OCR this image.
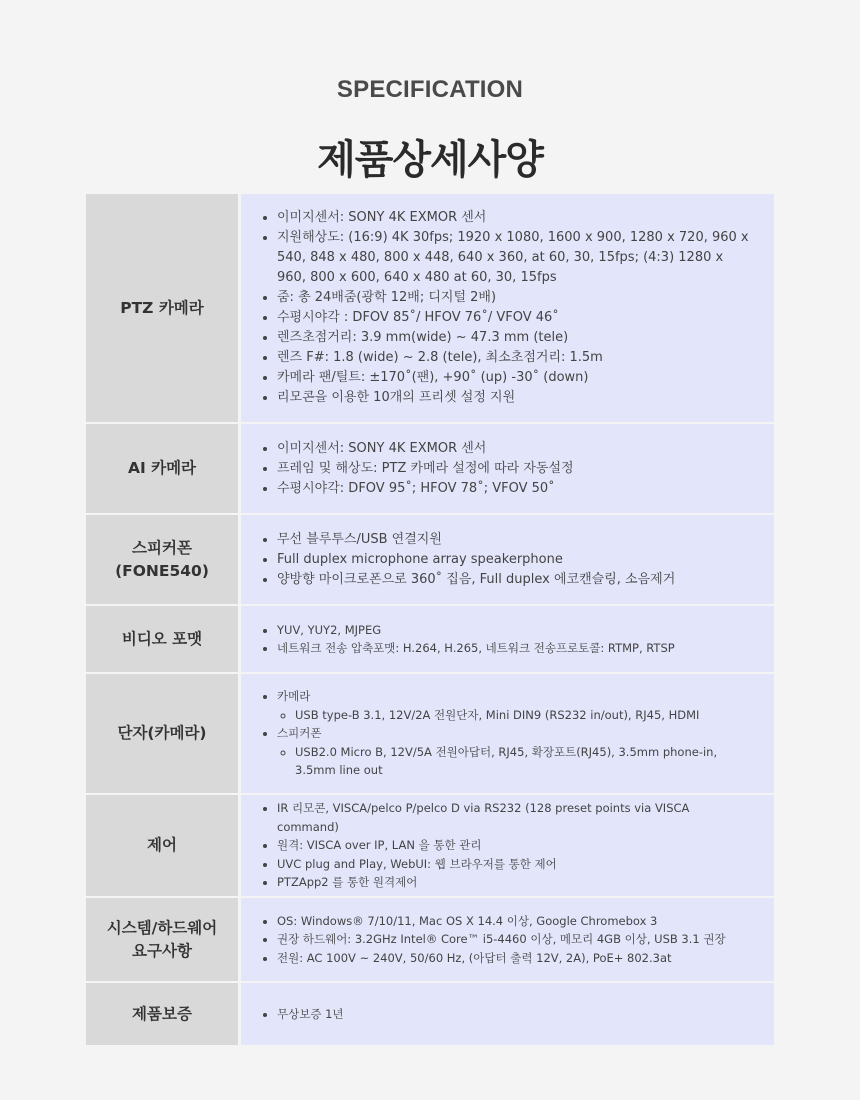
SPECIFICATION
제품상세사양
PTZ 카메라
• 이미지센서: SONY 4K EXMOR 센서
• 지원해상도: (16:9) 4K 30fps; 1920 x 1080, 1600 x 900, 1280 x 720, 960 x 540, 848 x 480, 800 x 448, 640 x 360, at 60, 30, 15fps; (4:3) 1280 x 960, 800 x 600, 640 x 480 at 60, 30, 15fps
• 줌: 총 24배줌(광학 12배; 디지털 2배)
• 수평시야각 : DFOV 85˚/ HFOV 76˚/ VFOV 46˚
• 렌즈초점거리: 3.9 mm(wide) ~ 47.3 mm (tele)
• 렌즈 F#: 1.8 (wide) ~ 2.8 (tele), 최소초점거리: 1.5m
• 카메라 팬/틸트: ±170˚(팬), +90˚ (up) -30˚ (down)
• 리모콘을 이용한 10개의 프리셋 설정 지원
AI 카메라
• 이미지센서: SONY 4K EXMOR 센서
• 프레임 및 해상도: PTZ 카메라 설정에 따라 자동설정
• 수평시야각: DFOV 95˚; HFOV 78˚; VFOV 50˚
스피커폰
(FONE540)
• 무선 블루투스/USB 연결지원
• Full duplex microphone array speakerphone
• 양방향 마이크로폰으로 360˚ 집음, Full duplex 에코캔슬링, 소음제거
비디오 포맷	• YUV, YUY2, MJPEG
• 네트워크 전송 압축포맷: H.264, H.265, 네트워크 전송프로토콜: RTMP, RTSP
단자(카메라)
• 카메라
◦ USB type-B 3.1, 12V/2A 전원단자, Mini DIN9 (RS232 in/out), RJ45, HDMI
• 스피커폰
◦ USB2.0 Micro B, 12V/5A 전원아답터, RJ45, 확장포트(RJ45), 3.5mm phone-in, 3.5mm line out
제어
• IR 리모콘, VISCA/pelco P/pelco D via RS232 (128 preset points via VISCA command)
• 원격: VISCA over IP, LAN 을 통한 관리
• UVC plug and Play, WebUI: 웹 브라우저를 통한 제어
• PTZApp2 를 통한 원격제어
시스템/하드웨어
요구사항
• OS: Windows® 7/10/11, Mac OS X 14.4 이상, Google Chromebox 3
• 권장 하드웨어: 3.2GHz Intel® Core™ i5-4460 이상, 메모리 4GB 이상, USB 3.1 권장
• 전원: AC 100V ~ 240V, 50/60 Hz, (아답터 출력 12V, 2A), PoE+ 802.3at
제품보증	• 무상보증 1년
